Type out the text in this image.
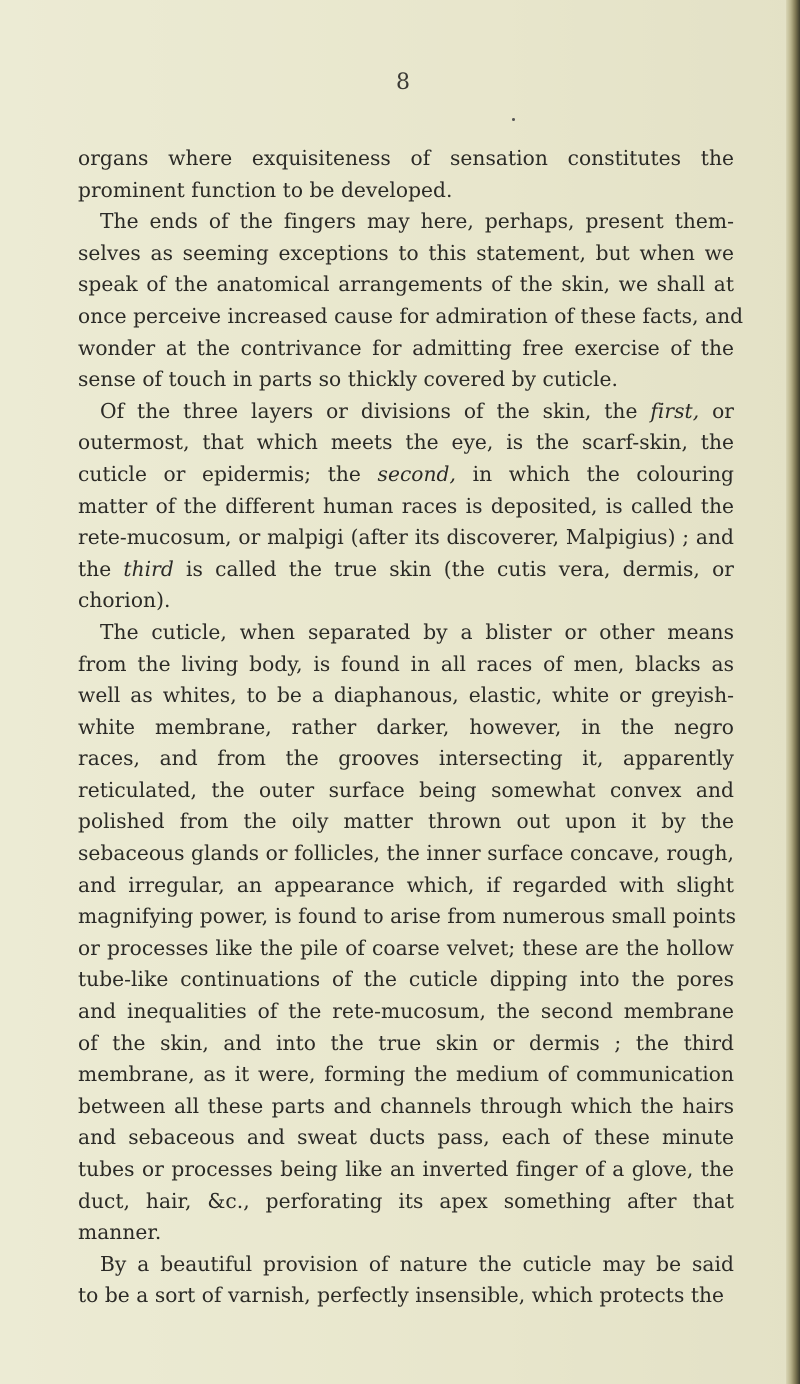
8
organs where exquisiteness of sensation constitutes the
prominent function to be developed.
The ends of the fingers may here, perhaps, present them-
selves as seeming exceptions to this statement, but when we
speak of the anatomical arrangements of the skin, we shall at
once perceive increased cause for admiration of these facts, and
wonder at the contrivance for admitting free exercise of the
sense of touch in parts so thickly covered by cuticle.
Of the three layers or divisions of the skin, the first, or
outermost, that which meets the eye, is the scarf-skin, the
cuticle or epidermis; the second, in which the colouring
matter of the different human races is deposited, is called the
rete-mucosum, or malpigi (after its discoverer, Malpigius) ; and
the third is called the true skin (the cutis vera, dermis, or
chorion).
The cuticle, when separated by a blister or other means
from the living body, is found in all races of men, blacks as
well as whites, to be a diaphanous, elastic, white or greyish-
white membrane, rather darker, however, in the negro
races, and from the grooves intersecting it, apparently
reticulated, the outer surface being somewhat convex and
polished from the oily matter thrown out upon it by the
sebaceous glands or follicles, the inner surface concave, rough,
and irregular, an appearance which, if regarded with slight
magnifying power, is found to arise from numerous small points
or processes like the pile of coarse velvet; these are the hollow
tube-like continuations of the cuticle dipping into the pores
and inequalities of the rete-mucosum, the second membrane
of the skin, and into the true skin or dermis ; the third
membrane, as it were, forming the medium of communication
between all these parts and channels through which the hairs
and sebaceous and sweat ducts pass, each of these minute
tubes or processes being like an inverted finger of a glove, the
duct, hair, &c., perforating its apex something after that
manner.
By a beautiful provision of nature the cuticle may be said
to be a sort of varnish, perfectly insensible, which protects the
